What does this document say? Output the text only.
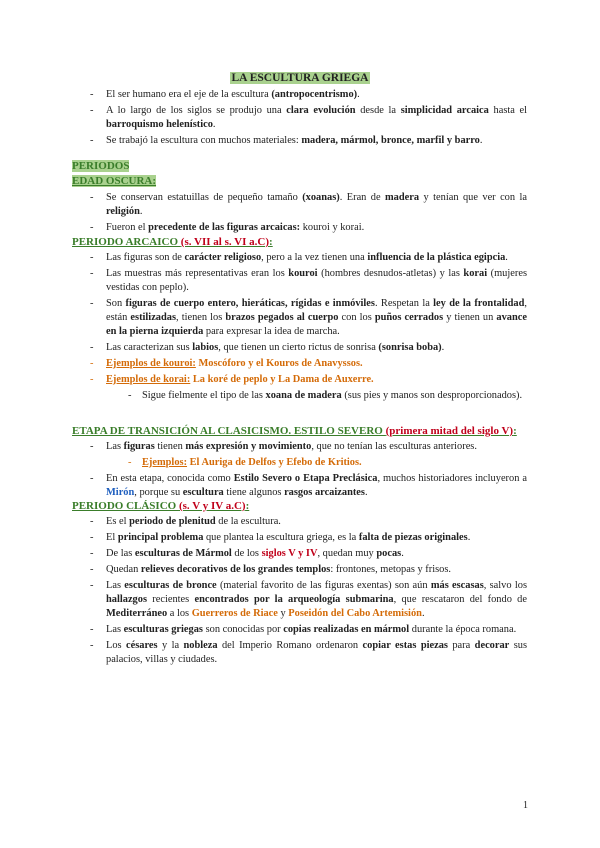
LA ESCULTURA GRIEGA
- El ser humano era el eje de la escultura (antropocentrismo).
- A lo largo de los siglos se produjo una clara evolución desde la simplicidad arcaica hasta el barroquismo helenístico.
- Se trabajó la escultura con muchos materiales: madera, mármol, bronce, marfil y barro.
PERIODOS
EDAD OSCURA:
- Se conservan estatuillas de pequeño tamaño (xoanas). Eran de madera y tenían que ver con la religión.
- Fueron el precedente de las figuras arcaicas: kouroi y korai.
PERIODO ARCAICO (s. VII al s. VI a.C):
- Las figuras son de carácter religioso, pero a la vez tienen una influencia de la plástica egipcia.
- Las muestras más representativas eran los kouroi (hombres desnudos-atletas) y las korai (mujeres vestidas con peplo).
- Son figuras de cuerpo entero, hieráticas, rígidas e inmóviles. Respetan la ley de la frontalidad, están estilizadas, tienen los brazos pegados al cuerpo con los puños cerrados y tienen un avance en la pierna izquierda para expresar la idea de marcha.
- Las caracterizan sus labios, que tienen un cierto rictus de sonrisa (sonrisa boba).
- Ejemplos de kouroi: Moscóforo y el Kouros de Anavyssos.
- Ejemplos de korai: La koré de peplo y La Dama de Auxerre.
- Sigue fielmente el tipo de las xoana de madera (sus pies y manos son desproporcionados).
ETAPA DE TRANSICIÓN AL CLASICISMO. ESTILO SEVERO (primera mitad del siglo V):
- Las figuras tienen más expresión y movimiento, que no tenían las esculturas anteriores.
- Ejemplos: El Auriga de Delfos y Efebo de Kritios.
- En esta etapa, conocida como Estilo Severo o Etapa Preclásica, muchos historiadores incluyeron a Mirón, porque su escultura tiene algunos rasgos arcaizantes.
PERIODO CLÁSICO (s. V y IV a.C):
- Es el periodo de plenitud de la escultura.
- El principal problema que plantea la escultura griega, es la falta de piezas originales.
- De las esculturas de Mármol de los siglos V y IV, quedan muy pocas.
- Quedan relieves decorativos de los grandes templos: frontones, metopas y frisos.
- Las esculturas de bronce (material favorito de las figuras exentas) son aún más escasas, salvo los hallazgos recientes encontrados por la arqueología submarina, que rescataron del fondo de Mediterráneo a los Guerreros de Riace y Poseidón del Cabo Artemisión.
- Las esculturas griegas son conocidas por copias realizadas en mármol durante la época romana.
- Los césares y la nobleza del Imperio Romano ordenaron copiar estas piezas para decorar sus palacios, villas y ciudades.
1
